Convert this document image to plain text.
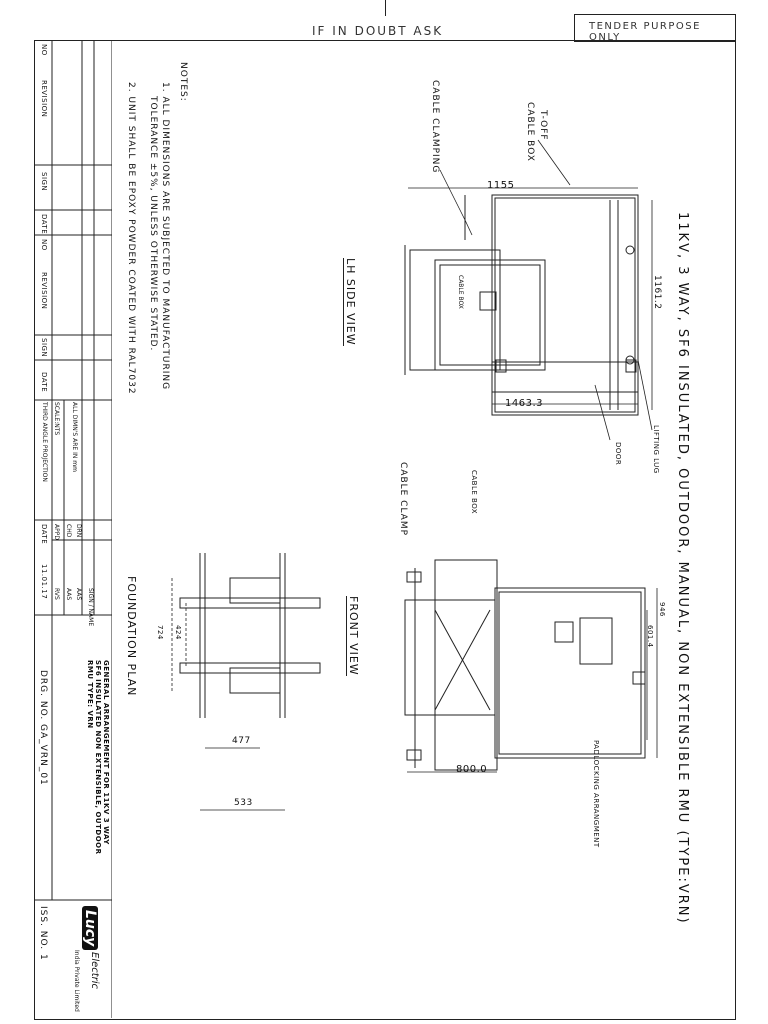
IF IN DOUBT ASK	TENDER PURPOSE ONLY
NO
REVISION
SIGN
DATE
NO
REVISION
SIGN
DATE
THIRD ANGLE PROJECTION SCALE:NTS ALL DIMN'S ARE IN mm
DATE
11.01.17
APPD CHD DRN
RVS AAS AAS SIGN / NAME
GENERAL ARRANGEMENT FOR 11KV 3 WAY
SF6 INSULATED NON EXTENSIBLE, OUTDOOR
RMU TYPE: VRN
DRG. NO. GA_VRN_01
ISS. NO. 1 Lucy
Electric
India Private Limited
NOTES:
1. ALL DIMENSIONS ARE SUBJECTED TO MANUFACTURING
TOLERANCE ±5%, UNLESS OTHERWISE STATED.
2. UNIT SHALL BE EPOXY POWDER COATED WITH RAL7032	11KV, 3 WAY, SF6 INSULATED, OUTDOOR, MANUAL, NON EXTENSIBLE RMU (TYPE:VRN)
LH SIDE VIEW
FRONT VIEW
FOUNDATION PLAN
1155
1161.2
1463.3
T-OFF
CABLE BOX
CABLE CLAMPING
CABLE BOX
DOOR	LIFTING LUG
946
601.4
800.0
CABLE BOX
CABLE CLAMP
PADLOCKING ARRANGMENT
424
724
477
533
